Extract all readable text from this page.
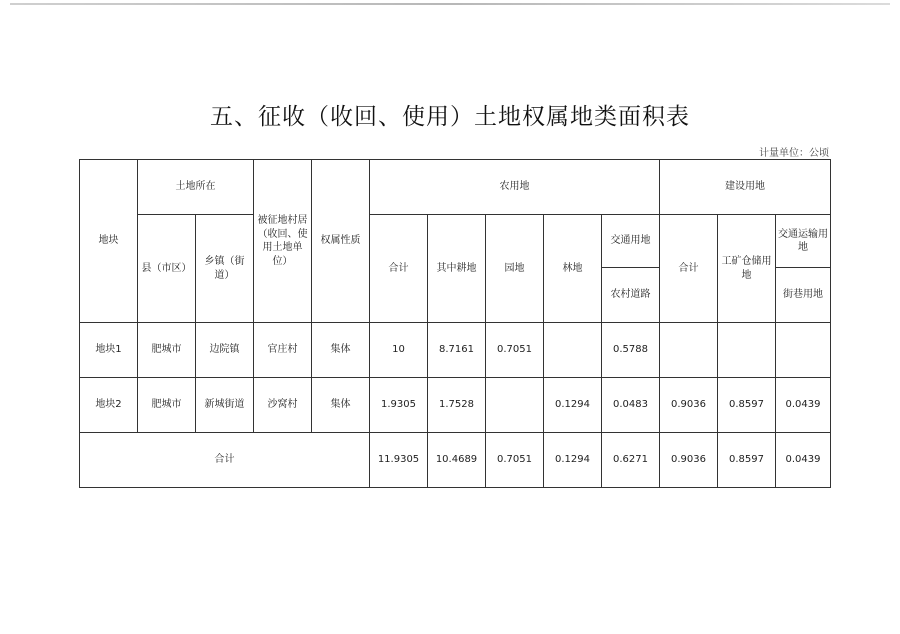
五、征收（收回、使用）土地权属地类面积表
计量单位：公顷
地块	土地所在		被征地村居（收回、使用土地单位）	权属性质	农用地					建设用地		
	县（市区）	乡镇（街道）			合计	其中耕地	园地	林地	交通用地	合计	工矿仓储用地	交通运输用地
									农村道路			街巷用地
地块1	肥城市	边院镇	官庄村	集体	10	8.7161	0.7051		0.5788			
地块2	肥城市	新城街道	沙窝村	集体	1.9305	1.7528		0.1294	0.0483	0.9036	0.8597	0.0439
合计					11.9305	10.4689	0.7051	0.1294	0.6271	0.9036	0.8597	0.0439
